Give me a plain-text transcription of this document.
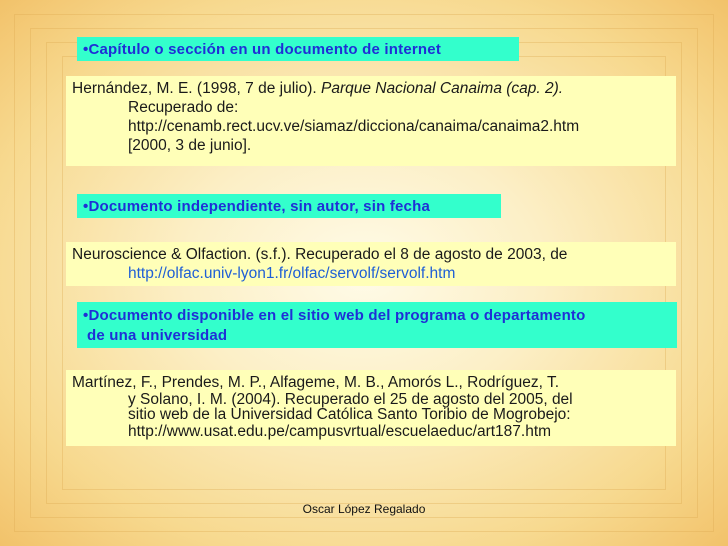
•Capítulo o sección en un documento de internet
Hernández, M. E. (1998, 7 de julio). Parque Nacional Canaima (cap. 2).
Recuperado de:
http://cenamb.rect.ucv.ve/siamaz/dicciona/canaima/canaima2.htm
[2000, 3 de junio].
•Documento independiente, sin autor, sin fecha
Neuroscience & Olfaction. (s.f.). Recuperado el 8 de agosto de 2003, de
http://olfac.univ-lyon1.fr/olfac/servolf/servolf.htm
•Documento disponible en el sitio web del programa o departamento
de una universidad
Martínez, F., Prendes, M. P., Alfageme, M. B., Amorós L., Rodríguez, T.
y Solano, I. M. (2004). Recuperado el 25 de agosto del 2005, del
sitio web de la Universidad Católica Santo Toribio de Mogrobejo:
http://www.usat.edu.pe/campusvrtual/escuelaeduc/art187.htm
Oscar López Regalado
